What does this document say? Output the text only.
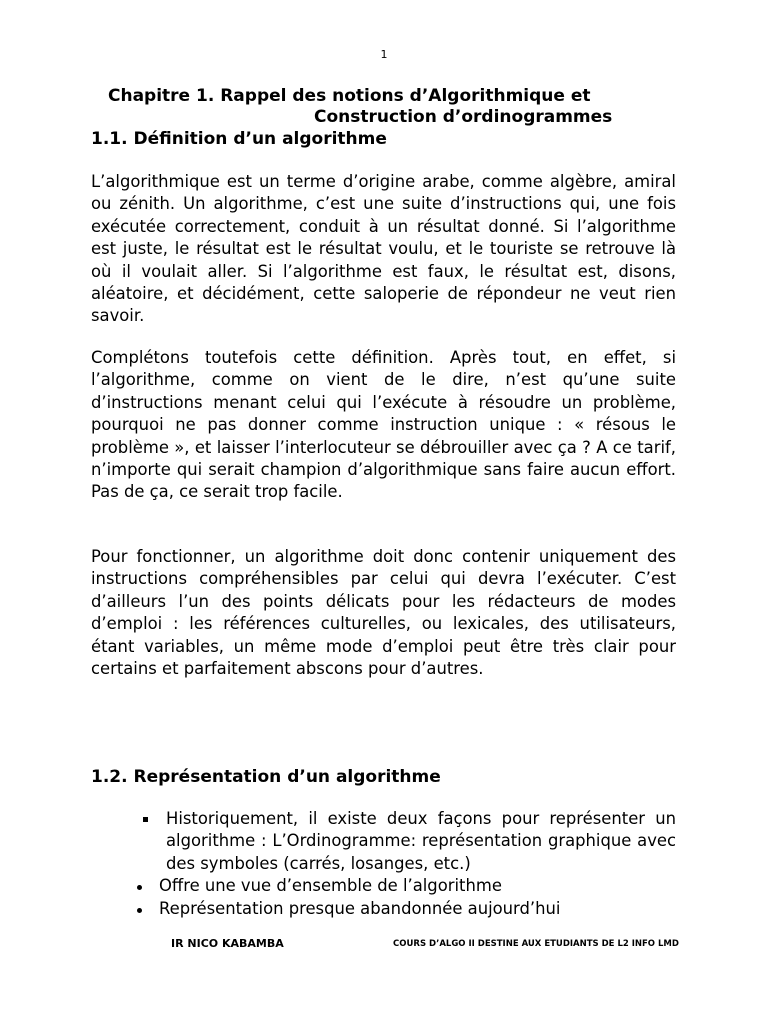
1
Chapitre 1. Rappel des notions d’Algorithmique et
Construction d’ordinogrammes
1.1. Définition d’un algorithme

L’algorithmique est un terme d’origine arabe, comme algèbre, amiral ou zénith. Un algorithme, c’est une suite d’instructions qui, une fois exécutée correctement, conduit à un résultat donné. Si l’algorithme est juste, le résultat est le résultat voulu, et le touriste se retrouve là où il voulait aller. Si l’algorithme est faux, le résultat est, disons, aléatoire, et décidément, cette saloperie de répondeur ne veut rien savoir.

Complétons toutefois cette définition. Après tout, en effet, si l’algorithme, comme on vient de le dire, n’est qu’une suite d’instructions menant celui qui l’exécute à résoudre un problème, pourquoi ne pas donner comme instruction unique : « résous le problème », et laisser l’interlocuteur se débrouiller avec ça ? A ce tarif, n’importe qui serait champion d’algorithmique sans faire aucun effort. Pas de ça, ce serait trop facile.

Pour fonctionner, un algorithme doit donc contenir uniquement des instructions compréhensibles par celui qui devra l’exécuter. C’est d’ailleurs l’un des points délicats pour les rédacteurs de modes d’emploi : les références culturelles, ou lexicales, des utilisateurs, étant variables, un même mode d’emploi peut être très clair pour certains et parfaitement abscons pour d’autres.

1.2. Représentation d’un algorithme
Historiquement, il existe deux façons pour représenter un algorithme : L’Ordinogramme: représentation graphique avec des symboles (carrés, losanges, etc.)
Offre une vue d’ensemble de l’algorithme
Représentation presque abandonnée aujourd’hui
IR NICO KABAMBA	COURS D’ALGO II DESTINE AUX ETUDIANTS DE L2 INFO LMD
